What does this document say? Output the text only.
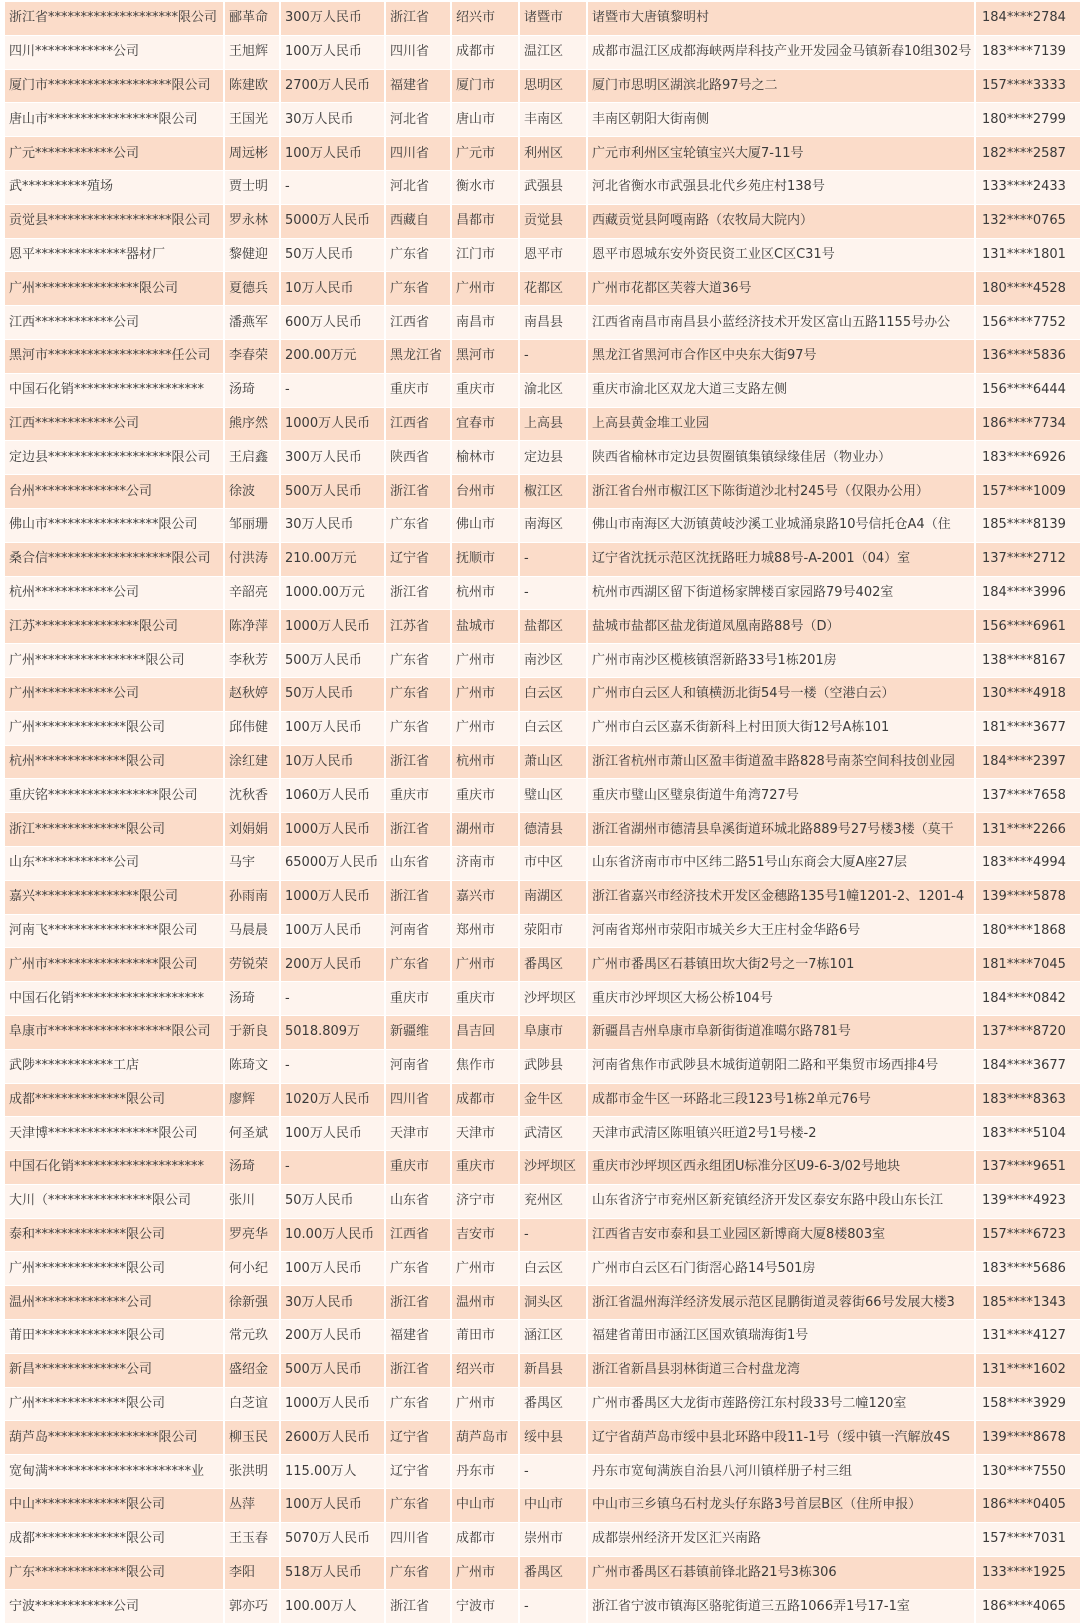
浙江省********************限公司	郦革命	300万人民币	浙江省	绍兴市	诸暨市	诸暨市大唐镇黎明村	184****2784
四川************公司	王旭辉	100万人民币	四川省	成都市	温江区	成都市温江区成都海峡两岸科技产业开发园金马镇新春10组302号	183****7139
厦门市*******************限公司	陈建欧	2700万人民币	福建省	厦门市	思明区	厦门市思明区湖滨北路97号之二	157****3333
唐山市*****************限公司	王国光	30万人民币	河北省	唐山市	丰南区	丰南区朝阳大街南侧	180****2799
广元************公司	周远彬	100万人民币	四川省	广元市	利州区	广元市利州区宝轮镇宝兴大厦7-11号	182****2587
武**********殖场	贾士明	-	河北省	衡水市	武强县	河北省衡水市武强县北代乡苑庄村138号	133****2433
贡觉县*******************限公司	罗永林	5000万人民币	西藏自	昌都市	贡觉县	西藏贡觉县阿嘎南路（农牧局大院内）	132****0765
恩平**************器材厂	黎健迎	50万人民币	广东省	江门市	恩平市	恩平市恩城东安外资民资工业区C区C31号	131****1801
广州****************限公司	夏德兵	10万人民币	广东省	广州市	花都区	广州市花都区芙蓉大道36号	180****4528
江西************公司	潘燕军	600万人民币	江西省	南昌市	南昌县	江西省南昌市南昌县小蓝经济技术开发区富山五路1155号办公	156****7752
黑河市*******************任公司	李春荣	200.00万元	黑龙江省	黑河市	-	黑龙江省黑河市合作区中央东大街97号	136****5836
中国石化销********************	汤琦	-	重庆市	重庆市	渝北区	重庆市渝北区双龙大道三支路左侧	156****6444
江西************公司	熊序然	1000万人民币	江西省	宜春市	上高县	上高县黄金堆工业园	186****7734
定边县*******************限公司	王启鑫	300万人民币	陕西省	榆林市	定边县	陕西省榆林市定边县贺圈镇集镇绿缘佳居（物业办）	183****6926
台州**************公司	徐波	500万人民币	浙江省	台州市	椒江区	浙江省台州市椒江区下陈街道沙北村245号（仅限办公用）	157****1009
佛山市*****************限公司	邹丽珊	30万人民币	广东省	佛山市	南海区	佛山市南海区大沥镇黄岐沙溪工业城涌泉路10号信托仓A4（住	185****8139
桑合信*******************限公司	付洪涛	210.00万元	辽宁省	抚顺市	-	辽宁省沈抚示范区沈抚路旺力城88号-A-2001（04）室	137****2712
杭州************公司	辛韶亮	1000.00万元	浙江省	杭州市	-	杭州市西湖区留下街道杨家牌楼百家园路79号402室	184****3996
江苏****************限公司	陈净萍	1000万人民币	江苏省	盐城市	盐都区	盐城市盐都区盐龙街道凤凰南路88号（D）	156****6961
广州*****************限公司	李秋芳	500万人民币	广东省	广州市	南沙区	广州市南沙区榄核镇滘新路33号1栋201房	138****8167
广州************公司	赵秋婷	50万人民币	广东省	广州市	白云区	广州市白云区人和镇横沥北街54号一楼（空港白云）	130****4918
广州**************限公司	邱伟健	100万人民币	广东省	广州市	白云区	广州市白云区嘉禾街新科上村田顶大街12号A栋101	181****3677
杭州**************限公司	涂红建	10万人民币	浙江省	杭州市	萧山区	浙江省杭州市萧山区盈丰街道盈丰路828号南茶空间科技创业园	184****2397
重庆铭*****************限公司	沈秋香	1060万人民币	重庆市	重庆市	璧山区	重庆市璧山区璧泉街道牛角湾727号	137****7658
浙江**************限公司	刘娟娟	1000万人民币	浙江省	湖州市	德清县	浙江省湖州市德清县阜溪街道环城北路889号27号楼3楼（莫干	131****2266
山东************公司	马宇	65000万人民币	山东省	济南市	市中区	山东省济南市市中区纬二路51号山东商会大厦A座27层	183****4994
嘉兴****************限公司	孙雨南	1000万人民币	浙江省	嘉兴市	南湖区	浙江省嘉兴市经济技术开发区金穗路135号1幢1201-2、1201-4	139****5878
河南飞*****************限公司	马晨晨	100万人民币	河南省	郑州市	荥阳市	河南省郑州市荥阳市城关乡大王庄村金华路6号	180****1868
广州市*****************限公司	劳锐荣	200万人民币	广东省	广州市	番禺区	广州市番禺区石碁镇田坎大街2号之一7栋101	181****7045
中国石化销********************	汤琦	-	重庆市	重庆市	沙坪坝区	重庆市沙坪坝区大杨公桥104号	184****0842
阜康市*******************限公司	于新良	5018.809万	新疆维	昌吉回	阜康市	新疆昌吉州阜康市阜新街街道准噶尔路781号	137****8720
武陟************工店	陈琦文	-	河南省	焦作市	武陟县	河南省焦作市武陟县木城街道朝阳二路和平集贸市场西排4号	184****3677
成都**************限公司	廖辉	1020万人民币	四川省	成都市	金牛区	成都市金牛区一环路北三段123号1栋2单元76号	183****8363
天津博*****************限公司	何圣斌	100万人民币	天津市	天津市	武清区	天津市武清区陈咀镇兴旺道2号1号楼-2	183****5104
中国石化销********************	汤琦	-	重庆市	重庆市	沙坪坝区	重庆市沙坪坝区西永组团U标准分区U9-6-3/02号地块	137****9651
大川（****************限公司	张川	50万人民币	山东省	济宁市	兖州区	山东省济宁市兖州区新兖镇经济开发区泰安东路中段山东长江	139****4923
泰和**************限公司	罗亮华	10.00万人民币	江西省	吉安市	-	江西省吉安市泰和县工业园区新博商大厦8楼803室	157****6723
广州**************限公司	何小纪	100万人民币	广东省	广州市	白云区	广州市白云区石门街滘心路14号501房	183****5686
温州**************公司	徐新强	30万人民币	浙江省	温州市	洞头区	浙江省温州海洋经济发展示范区昆鹏街道灵蓉街66号发展大楼3	185****1343
莆田**************限公司	常元玖	200万人民币	福建省	莆田市	涵江区	福建省莆田市涵江区国欢镇瑞海街1号	131****4127
新昌**************公司	盛绍金	500万人民币	浙江省	绍兴市	新昌县	浙江省新昌县羽林街道三合村盘龙湾	131****1602
广州**************限公司	白芝谊	1000万人民币	广东省	广州市	番禺区	广州市番禺区大龙街市莲路傍江东村段33号二幢120室	158****3929
葫芦岛*****************限公司	柳玉民	2600万人民币	辽宁省	葫芦岛市	绥中县	辽宁省葫芦岛市绥中县北环路中段11-1号（绥中镇一汽解放4S	139****8678
宽甸满**********************业	张洪明	115.00万人	辽宁省	丹东市	-	丹东市宽甸满族自治县八河川镇样册子村三组	130****7550
中山**************限公司	丛萍	100万人民币	广东省	中山市	中山市	中山市三乡镇乌石村龙头仔东路3号首层B区（住所申报）	186****0405
成都**************限公司	王玉春	5070万人民币	四川省	成都市	崇州市	成都崇州经济开发区汇兴南路	157****7031
广东**************限公司	李阳	518万人民币	广东省	广州市	番禺区	广州市番禺区石碁镇前锋北路21号3栋306	133****1925
宁波************公司	郭亦巧	100.00万人	浙江省	宁波市	-	浙江省宁波市镇海区骆驼街道三五路1066弄1号17-1室	186****4065
